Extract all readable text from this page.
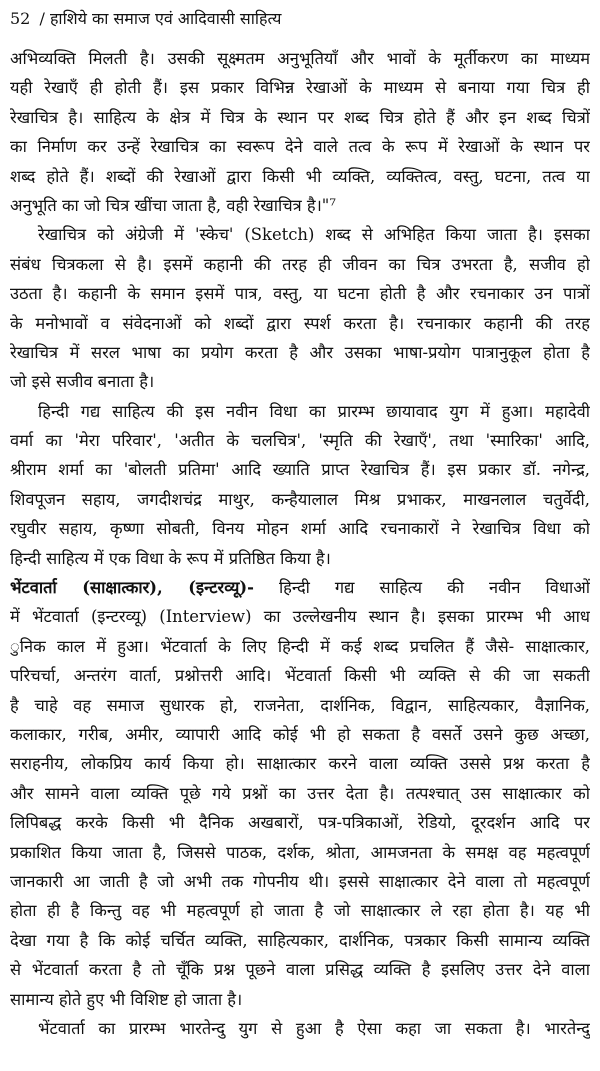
52 / हाशिये का समाज एवं आदिवासी साहित्य
अभिव्यक्ति मिलती है। उसकी सूक्ष्मतम अनुभूतियाँ और भावों के मूर्तीकरण का माध्यम
यही रेखाएँ ही होती हैं। इस प्रकार विभिन्न रेखाओं के माध्यम से बनाया गया चित्र ही
रेखाचित्र है। साहित्य के क्षेत्र में चित्र के स्थान पर शब्द चित्र होते हैं और इन शब्द चित्रों
का निर्माण कर उन्हें रेखाचित्र का स्वरूप देने वाले तत्व के रूप में रेखाओं के स्थान पर
शब्द होते हैं। शब्दों की रेखाओं द्वारा किसी भी व्यक्ति, व्यक्तित्व, वस्तु, घटना, तत्व या
अनुभूति का जो चित्र खींचा जाता है, वही रेखाचित्र है।"⁷
रेखाचित्र को अंग्रेजी में 'स्केच' (Sketch) शब्द से अभिहित किया जाता है। इसका
संबंध चित्रकला से है। इसमें कहानी की तरह ही जीवन का चित्र उभरता है, सजीव हो
उठता है। कहानी के समान इसमें पात्र, वस्तु, या घटना होती है और रचनाकार उन पात्रों
के मनोभावों व संवेदनाओं को शब्दों द्वारा स्पर्श करता है। रचनाकार कहानी की तरह
रेखाचित्र में सरल भाषा का प्रयोग करता है और उसका भाषा-प्रयोग पात्रानुकूल होता है
जो इसे सजीव बनाता है।
हिन्दी गद्य साहित्य की इस नवीन विधा का प्रारम्भ छायावाद युग में हुआ। महादेवी
वर्मा का 'मेरा परिवार', 'अतीत के चलचित्र', 'स्मृति की रेखाएँ', तथा 'स्मारिका' आदि,
श्रीराम शर्मा का 'बोलती प्रतिमा' आदि ख्याति प्राप्त रेखाचित्र हैं। इस प्रकार डॉ. नगेन्द्र,
शिवपूजन सहाय, जगदीशचंद्र माथुर, कन्हैयालाल मिश्र प्रभाकर, माखनलाल चतुर्वेदी,
रघुवीर सहाय, कृष्णा सोबती, विनय मोहन शर्मा आदि रचनाकारों ने रेखाचित्र विधा को
हिन्दी साहित्य में एक विधा के रूप में प्रतिष्ठित किया है।
भेंटवार्ता (साक्षात्कार), (इन्टरव्यू)- हिन्दी गद्य साहित्य की नवीन विधाओं
में भेंटवार्ता (इन्टरव्यू) (Interview) का उल्लेखनीय स्थान है। इसका प्रारम्भ भी आध
ुनिक काल में हुआ। भेंटवार्ता के लिए हिन्दी में कई शब्द प्रचलित हैं जैसे- साक्षात्कार,
परिचर्चा, अन्तरंग वार्ता, प्रश्नोत्तरी आदि। भेंटवार्ता किसी भी व्यक्ति से की जा सकती
है चाहे वह समाज सुधारक हो, राजनेता, दार्शनिक, विद्वान, साहित्यकार, वैज्ञानिक,
कलाकार, गरीब, अमीर, व्यापारी आदि कोई भी हो सकता है वसर्ते उसने कुछ अच्छा,
सराहनीय, लोकप्रिय कार्य किया हो। साक्षात्कार करने वाला व्यक्ति उससे प्रश्न करता है
और सामने वाला व्यक्ति पूछे गये प्रश्नों का उत्तर देता है। तत्पश्चात् उस साक्षात्कार को
लिपिबद्ध करके किसी भी दैनिक अखबारों, पत्र-पत्रिकाओं, रेडियो, दूरदर्शन आदि पर
प्रकाशित किया जाता है, जिससे पाठक, दर्शक, श्रोता, आमजनता के समक्ष वह महत्वपूर्ण
जानकारी आ जाती है जो अभी तक गोपनीय थी। इससे साक्षात्कार देने वाला तो महत्वपूर्ण
होता ही है किन्तु वह भी महत्वपूर्ण हो जाता है जो साक्षात्कार ले रहा होता है। यह भी
देखा गया है कि कोई चर्चित व्यक्ति, साहित्यकार, दार्शनिक, पत्रकार किसी सामान्य व्यक्ति
से भेंटवार्ता करता है तो चूँकि प्रश्न पूछने वाला प्रसिद्ध व्यक्ति है इसलिए उत्तर देने वाला
सामान्य होते हुए भी विशिष्ट हो जाता है।
भेंटवार्ता का प्रारम्भ भारतेन्दु युग से हुआ है ऐसा कहा जा सकता है। भारतेन्दु
